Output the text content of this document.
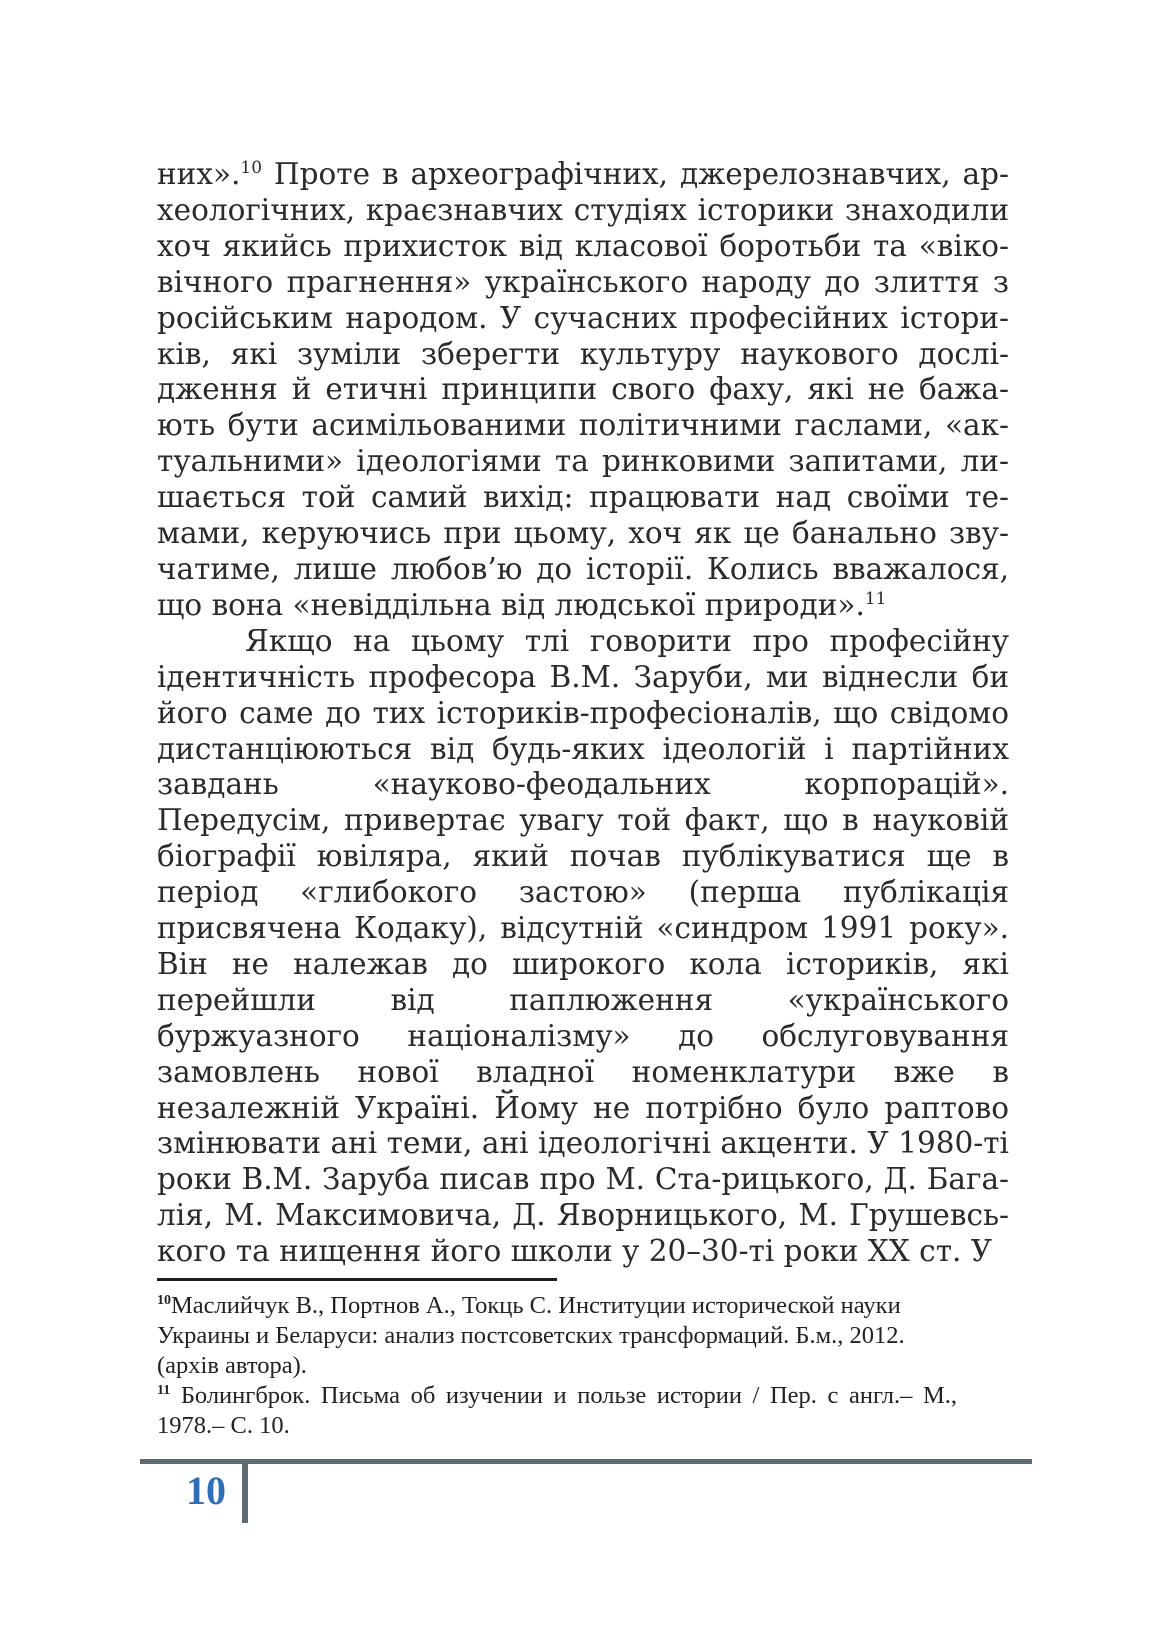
них».$^{10}$ Проте в археографічних, джерелознавчих, археологічних, краєзнавчих студіях історики знаходили хоч якийсь прихисток від класової боротьби та «віковічного прагнення» українського народу до злиття з російським народом. У сучасних професійних істориків, які зуміли зберегти культуру наукового дослідження й етичні принципи свого фаху, які не бажають бути асимільованими політичними гаслами, «актуальними» ідеологіями та ринковими запитами, лишається той самий вихід: працювати над своїми темами, керуючись при цьому, хоч як це банально звучатиме, лише любов’ю до історії. Колись вважалося, що вона «невіддільна від людської природи».$^{11}$

Якщо на цьому тлі говорити про професійну ідентичність професора В.М. Заруби, ми віднесли би його саме до тих істориків-професіоналів, що свідомо дистанціюються від будь-яких ідеологій і партійних завдань «науково-феодальних корпорацій». Передусім, привертає увагу той факт, що в науковій біографії ювіляра, який почав публікуватися ще в період «глибокого застою» (перша публікація присвячена Кодаку), відсутній «синдром 1991 року». Він не належав до широкого кола істориків, які перейшли від паплюження «українського буржуазного націоналізму» до обслуговування замовлень нової владної номенклатури вже в незалежній Україні. Йому не потрібно було раптово змінювати ані теми, ані ідеологічні акценти. У 1980-ті роки В.М. Заруба писав про М. Ста-рицького, Д. Багалія, М. Максимовича, Д. Яворницького, М. Грушевського та нищення його школи у 20–30-ті роки ХХ ст. У

$^{10}$Маслийчук В., Портнов А., Токць С. Институции исторической науки Украины и Беларуси: анализ постсоветских трансформаций. Б.м., 2012. (архів автора).

$^{11}$ Болингброк. Письма об изучении и пользе истории / Пер. с англ.– М., 1978.– С. 10.

10
